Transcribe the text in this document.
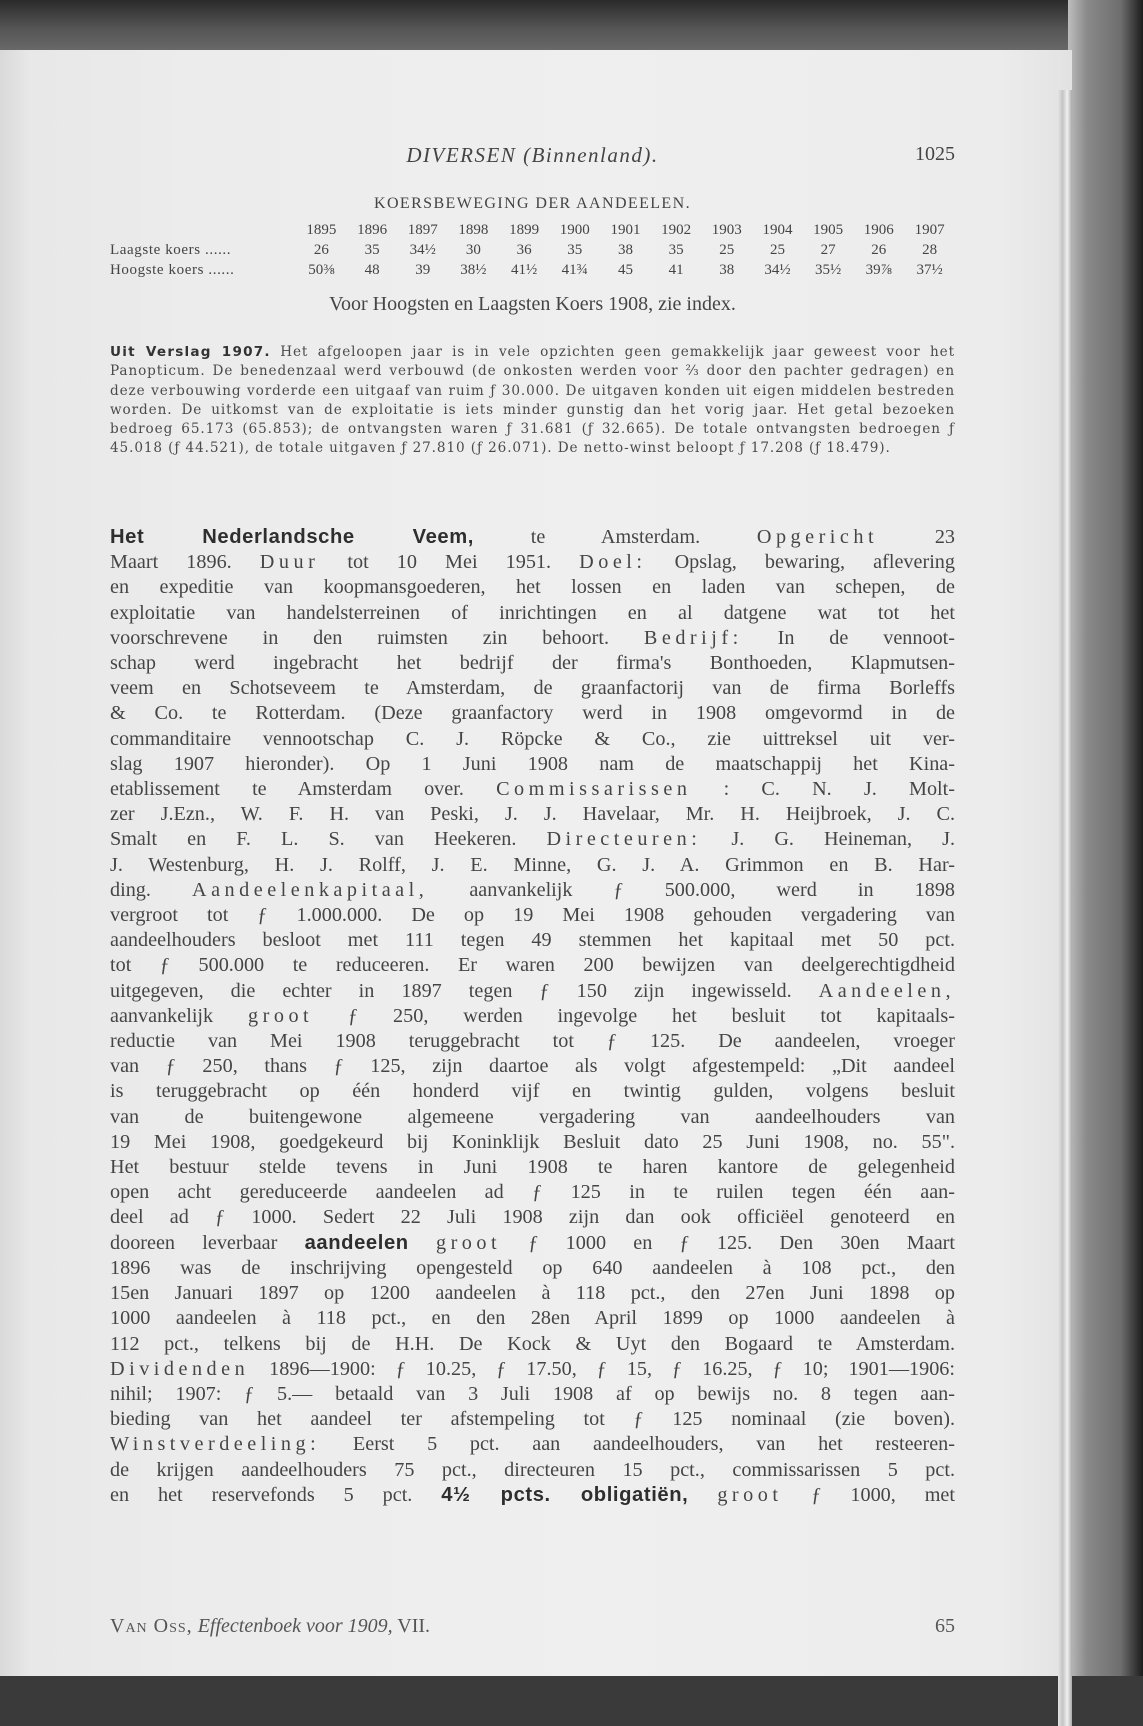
DIVERSEN (Binnenland).	1025
KOERSBEWEGING DER AANDEELEN.
	1895	1896	1897	1898	1899	1900	1901	1902	1903	1904	1905	1906	1907
Laagste koers ......	26	35	34½	30	36	35	38	35	25	25	27	26	28
Hoogste koers ......	50⅜	48	39	38½	41½	41¾	45	41	38	34½	35½	39⅞	37½
Voor Hoogsten en Laagsten Koers 1908, zie index.
Uit Verslag 1907. Het afgeloopen jaar is in vele opzichten geen gemakkelijk jaar geweest voor het Panopticum. De benedenzaal werd verbouwd (de onkosten werden voor ⅔ door den pachter gedragen) en deze verbouwing vorderde een uitgaaf van ruim ƒ 30.000. De uitgaven konden uit eigen middelen bestreden worden. De uitkomst van de exploitatie is iets minder gunstig dan het vorig jaar. Het getal bezoeken bedroeg 65.173 (65.853); de ontvangsten waren ƒ 31.681 (ƒ 32.665). De totale ontvangsten bedroegen ƒ 45.018 (ƒ 44.521), de totale uitgaven ƒ 27.810 (ƒ 26.071). De netto-winst beloopt ƒ 17.208 (ƒ 18.479).
Het Nederlandsche Veem, te Amsterdam. Opgericht 23
Maart 1896. Duur tot 10 Mei 1951. Doel: Opslag, bewaring, aflevering
en expeditie van koopmansgoederen, het lossen en laden van schepen, de
exploitatie van handelsterreinen of inrichtingen en al datgene wat tot het
voorschrevene in den ruimsten zin behoort. Bedrijf: In de vennoot-
schap werd ingebracht het bedrijf der firma's Bonthoeden, Klapmutsen-
veem en Schotseveem te Amsterdam, de graanfactorij van de firma Borleffs
& Co. te Rotterdam. (Deze graanfactory werd in 1908 omgevormd in de
commanditaire vennootschap C. J. Röpcke & Co., zie uittreksel uit ver-
slag 1907 hieronder). Op 1 Juni 1908 nam de maatschappij het Kina-
etablissement te Amsterdam over. Commissarissen : C. N. J. Molt-
zer J.Ezn., W. F. H. van Peski, J. J. Havelaar, Mr. H. Heijbroek, J. C.
Smalt en F. L. S. van Heekeren. Directeuren: J. G. Heineman, J.
J. Westenburg, H. J. Rolff, J. E. Minne, G. J. A. Grimmon en B. Har-
ding. Aandeelenkapitaal, aanvankelijk ƒ 500.000, werd in 1898
vergroot tot ƒ 1.000.000. De op 19 Mei 1908 gehouden vergadering van
aandeelhouders besloot met 111 tegen 49 stemmen het kapitaal met 50 pct.
tot ƒ 500.000 te reduceeren. Er waren 200 bewijzen van deelgerechtigdheid
uitgegeven, die echter in 1897 tegen ƒ 150 zijn ingewisseld. Aandeelen,
aanvankelijk groot ƒ 250, werden ingevolge het besluit tot kapitaals-
reductie van Mei 1908 teruggebracht tot ƒ 125. De aandeelen, vroeger
van ƒ 250, thans ƒ 125, zijn daartoe als volgt afgestempeld: „Dit aandeel
is teruggebracht op één honderd vijf en twintig gulden, volgens besluit
van de buitengewone algemeene vergadering van aandeelhouders van
19 Mei 1908, goedgekeurd bij Koninklijk Besluit dato 25 Juni 1908, no. 55".
Het bestuur stelde tevens in Juni 1908 te haren kantore de gelegenheid
open acht gereduceerde aandeelen ad ƒ 125 in te ruilen tegen één aan-
deel ad ƒ 1000. Sedert 22 Juli 1908 zijn dan ook officiëel genoteerd en
dooreen leverbaar aandeelen groot ƒ 1000 en ƒ 125. Den 30en Maart
1896 was de inschrijving opengesteld op 640 aandeelen à 108 pct., den
15en Januari 1897 op 1200 aandeelen à 118 pct., den 27en Juni 1898 op
1000 aandeelen à 118 pct., en den 28en April 1899 op 1000 aandeelen à
112 pct., telkens bij de H.H. De Kock & Uyt den Bogaard te Amsterdam.
Dividenden 1896—1900: ƒ 10.25, ƒ 17.50, ƒ 15, ƒ 16.25, ƒ 10; 1901—1906:
nihil; 1907: ƒ 5.— betaald van 3 Juli 1908 af op bewijs no. 8 tegen aan-
bieding van het aandeel ter afstempeling tot ƒ 125 nominaal (zie boven).
Winstverdeeling: Eerst 5 pct. aan aandeelhouders, van het resteeren-
de krijgen aandeelhouders 75 pct., directeuren 15 pct., commissarissen 5 pct.
en het reservefonds 5 pct. 4½ pcts. obligatiën, groot ƒ 1000, met
Van Oss, Effectenboek voor 1909, VII.	65
